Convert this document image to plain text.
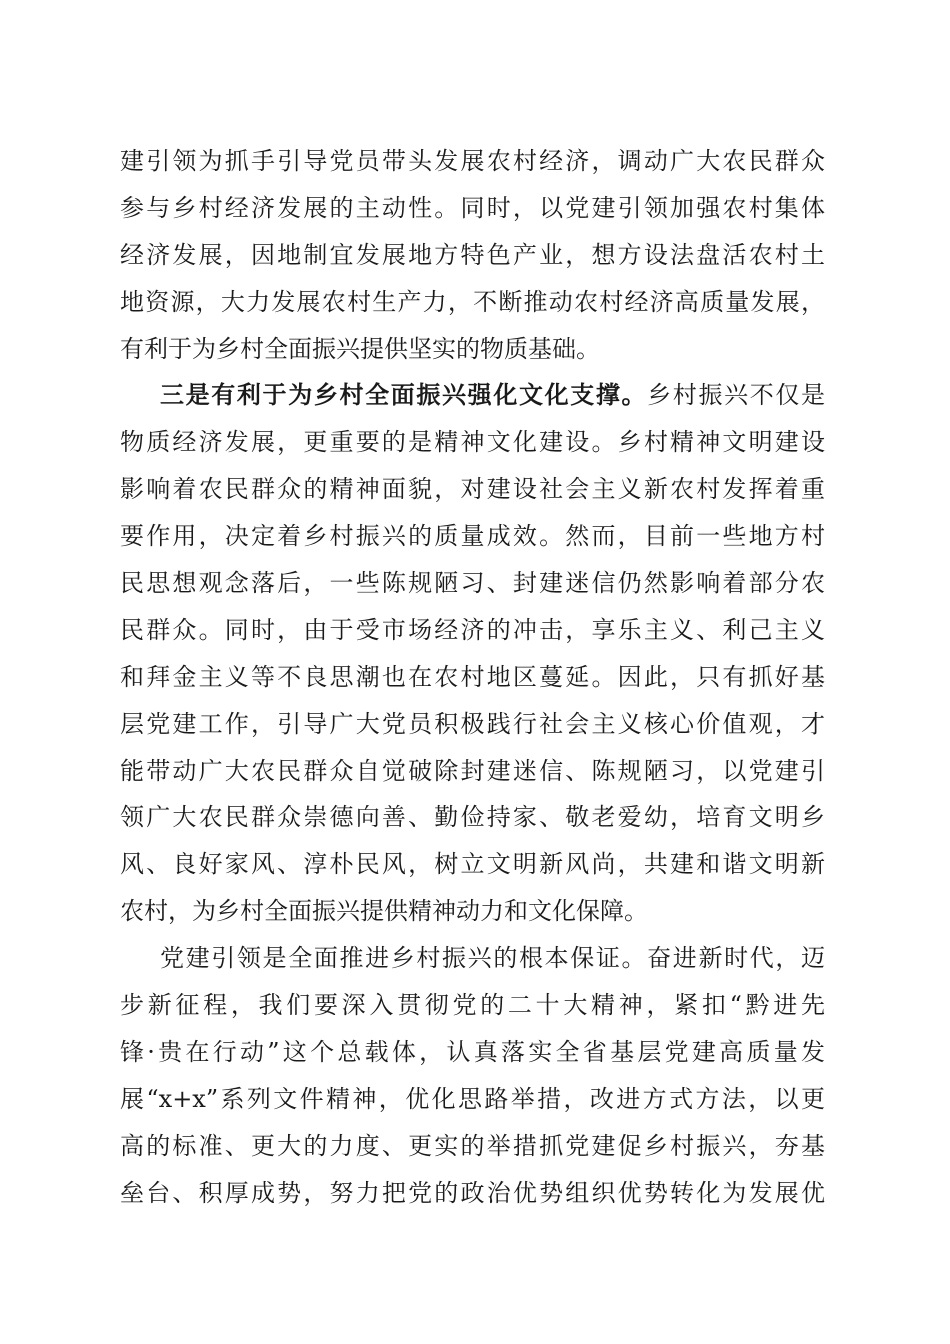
建引领为抓手引导党员带头发展农村经济，调动广大农民群众
参与乡村经济发展的主动性。同时，以党建引领加强农村集体
经济发展，因地制宜发展地方特色产业，想方设法盘活农村土
地资源，大力发展农村生产力，不断推动农村经济高质量发展，
有利于为乡村全面振兴提供坚实的物质基础。
三是有利于为乡村全面振兴强化文化支撑。乡村振兴不仅是
物质经济发展，更重要的是精神文化建设。乡村精神文明建设
影响着农民群众的精神面貌，对建设社会主义新农村发挥着重
要作用，决定着乡村振兴的质量成效。然而，目前一些地方村
民思想观念落后，一些陈规陋习、封建迷信仍然影响着部分农
民群众。同时，由于受市场经济的冲击，享乐主义、利己主义
和拜金主义等不良思潮也在农村地区蔓延。因此，只有抓好基
层党建工作，引导广大党员积极践行社会主义核心价值观，才
能带动广大农民群众自觉破除封建迷信、陈规陋习，以党建引
领广大农民群众崇德向善、勤俭持家、敬老爱幼，培育文明乡
风、良好家风、淳朴民风，树立文明新风尚，共建和谐文明新
农村，为乡村全面振兴提供精神动力和文化保障。
党建引领是全面推进乡村振兴的根本保证。奋进新时代，迈
步新征程，我们要深入贯彻党的二十大精神，紧扣“黔进先
锋·贵在行动”这个总载体，认真落实全省基层党建高质量发
展“x+x”系列文件精神，优化思路举措，改进方式方法，以更
高的标准、更大的力度、更实的举措抓党建促乡村振兴，夯基
垒台、积厚成势，努力把党的政治优势组织优势转化为发展优
